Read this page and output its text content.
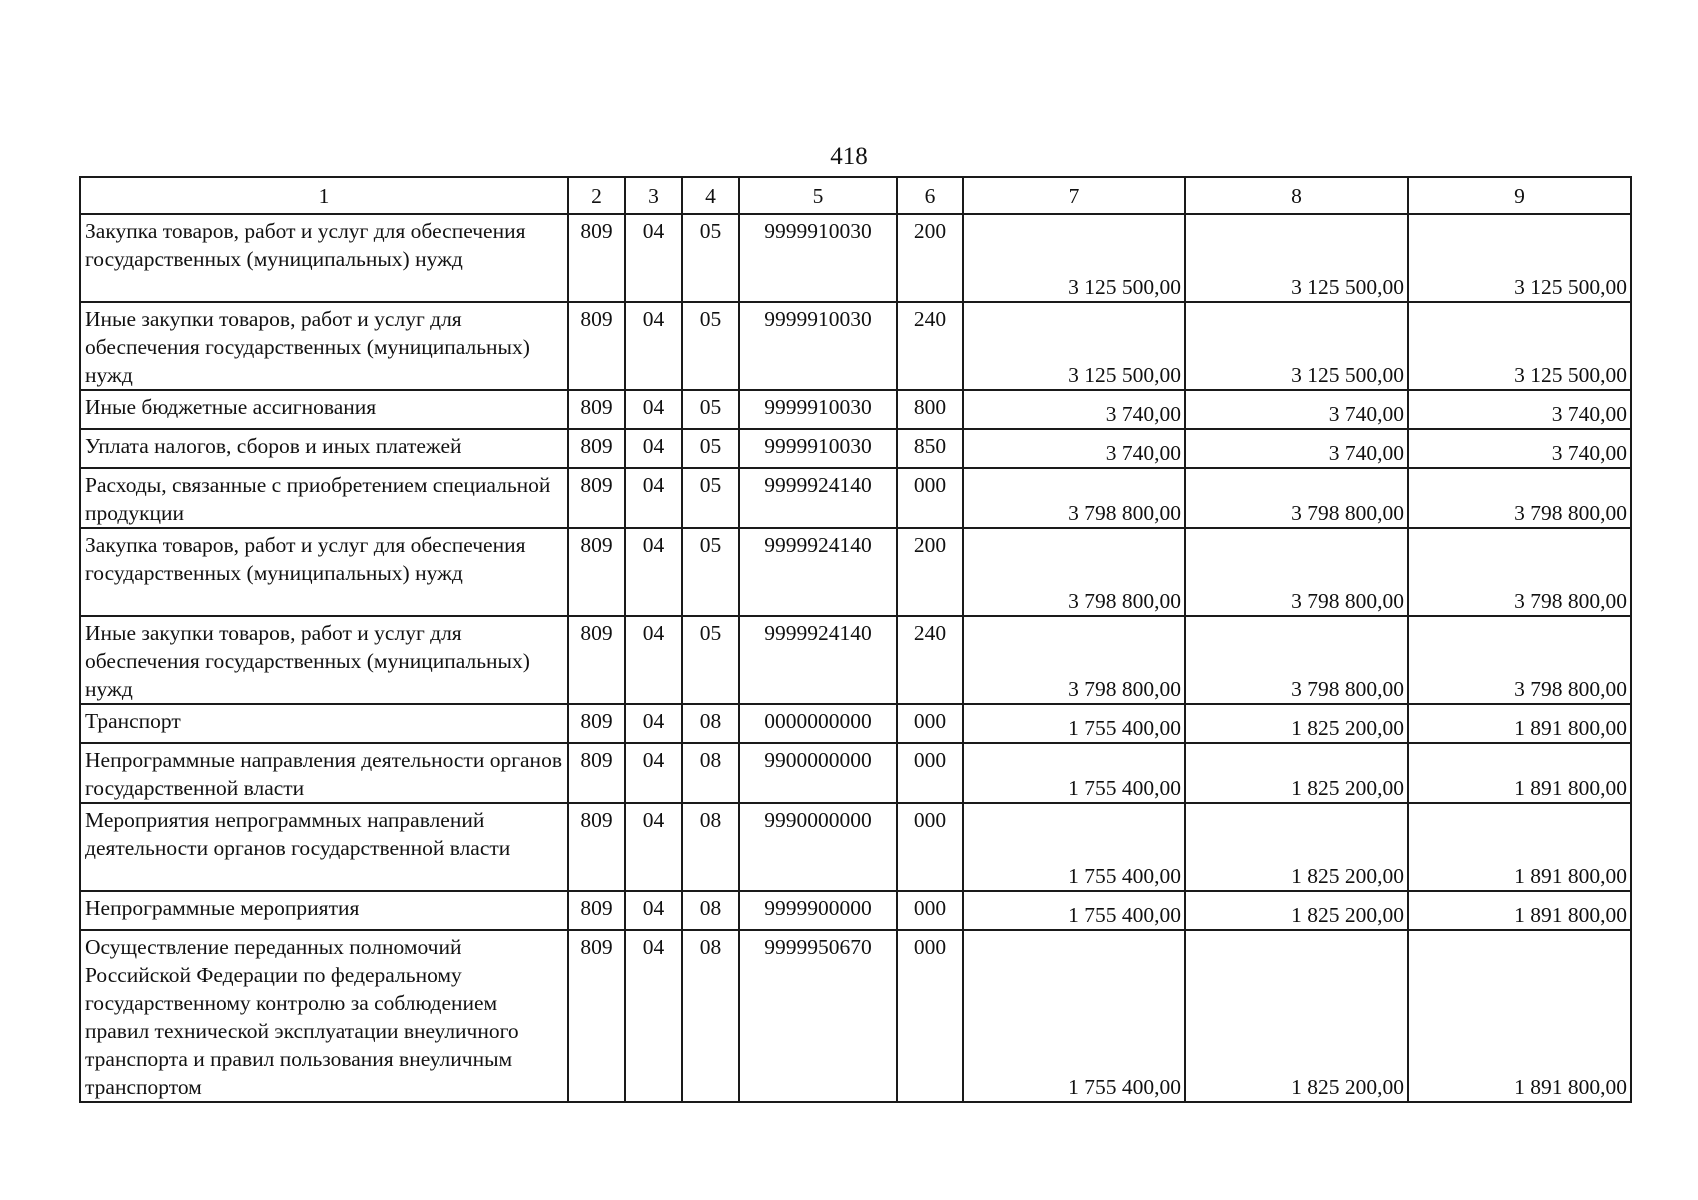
418
1	2	3	4	5	6	7	8	9
Закупка товаров, работ и услуг для обеспечения государственных (муниципальных) нужд	809	04	05	9999910030	200	3 125 500,00	3 125 500,00	3 125 500,00
Иные закупки товаров, работ и услуг для обеспечения государственных (муниципальных) нужд	809	04	05	9999910030	240	3 125 500,00	3 125 500,00	3 125 500,00
Иные бюджетные ассигнования	809	04	05	9999910030	800	3 740,00	3 740,00	3 740,00
Уплата налогов, сборов и иных платежей	809	04	05	9999910030	850	3 740,00	3 740,00	3 740,00
Расходы, связанные с приобретением специальной продукции	809	04	05	9999924140	000	3 798 800,00	3 798 800,00	3 798 800,00
Закупка товаров, работ и услуг для обеспечения государственных (муниципальных) нужд	809	04	05	9999924140	200	3 798 800,00	3 798 800,00	3 798 800,00
Иные закупки товаров, работ и услуг для обеспечения государственных (муниципальных) нужд	809	04	05	9999924140	240	3 798 800,00	3 798 800,00	3 798 800,00
Транспорт	809	04	08	0000000000	000	1 755 400,00	1 825 200,00	1 891 800,00
Непрограммные направления деятельности органов государственной власти	809	04	08	9900000000	000	1 755 400,00	1 825 200,00	1 891 800,00
Мероприятия непрограммных направлений деятельности органов государственной власти	809	04	08	9990000000	000	1 755 400,00	1 825 200,00	1 891 800,00
Непрограммные мероприятия	809	04	08	9999900000	000	1 755 400,00	1 825 200,00	1 891 800,00
Осуществление переданных полномочий Российской Федерации по федеральному государственному контролю за соблюдением правил технической эксплуатации внеуличного транспорта и правил пользования внеуличным транспортом	809	04	08	9999950670	000	1 755 400,00	1 825 200,00	1 891 800,00
